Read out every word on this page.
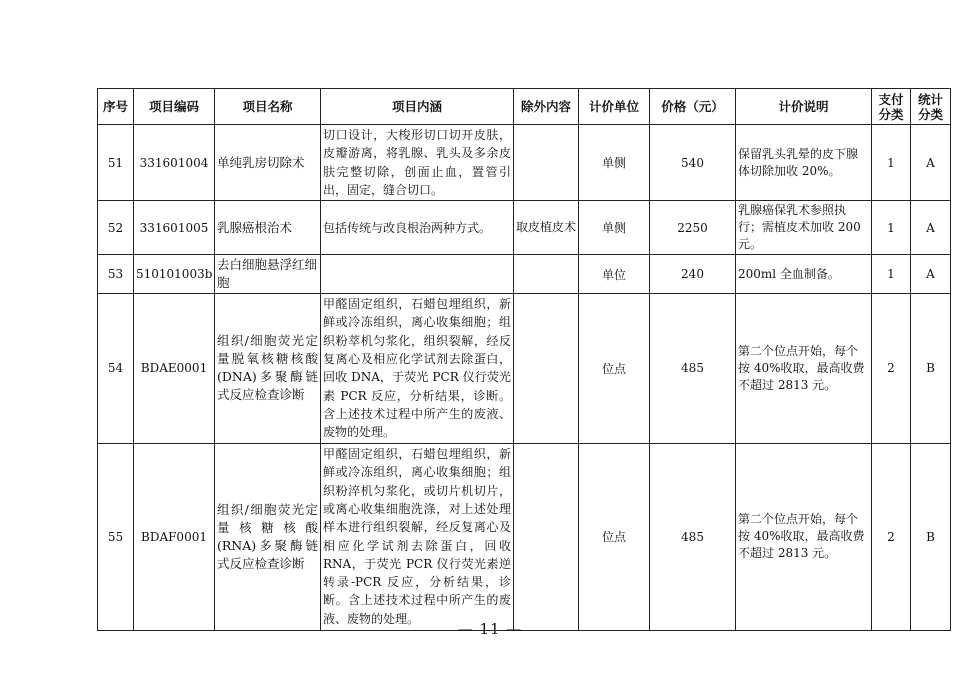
序号	项目编码	项目名称	项目内涵	除外内容	计价单位	价格（元）	计价说明	支付分类	统计分类
51	331601004	单纯乳房切除术	切口设计，大梭形切口切开皮肤，皮瓣游离，将乳腺、乳头及多余皮肤完整切除，创面止血，置管引出，固定，缝合切口。		单侧	540	保留乳头乳晕的皮下腺体切除加收 20%。	1	A
52	331601005	乳腺癌根治术	包括传统与改良根治两种方式。	取皮植皮术	单侧	2250	乳腺癌保乳术参照执行；需植皮术加收 200 元。	1	A
53	510101003b	去白细胞悬浮红细胞			单位	240	200ml 全血制备。	1	A
54	BDAE0001	组织/细胞荧光定量脱氧核糖核酸(DNA)多聚酶链式反应检查诊断	甲醛固定组织，石蜡包埋组织，新鲜或冷冻组织，离心收集细胞；组织粉萃机匀浆化，组织裂解，经反复离心及相应化学试剂去除蛋白，回收 DNA，于荧光 PCR 仪行荧光素 PCR 反应，分析结果，诊断。含上述技术过程中所产生的废液、废物的处理。		位点	485	第二个位点开始，每个按 40%收取，最高收费不超过 2813 元。	2	B
55	BDAF0001	组织/细胞荧光定量核糖核酸(RNA)多聚酶链式反应检查诊断	甲醛固定组织，石蜡包埋组织，新鲜或冷冻组织，离心收集细胞；组织粉淬机匀浆化，或切片机切片，或离心收集细胞洗涤，对上述处理样本进行组织裂解，经反复离心及相应化学试剂去除蛋白，回收 RNA，于荧光 PCR 仪行荧光素逆转录-PCR 反应，分析结果，诊断。含上述技术过程中所产生的废液、废物的处理。		位点	485	第二个位点开始，每个按 40%收取，最高收费不超过 2813 元。	2	B
— 11 —
